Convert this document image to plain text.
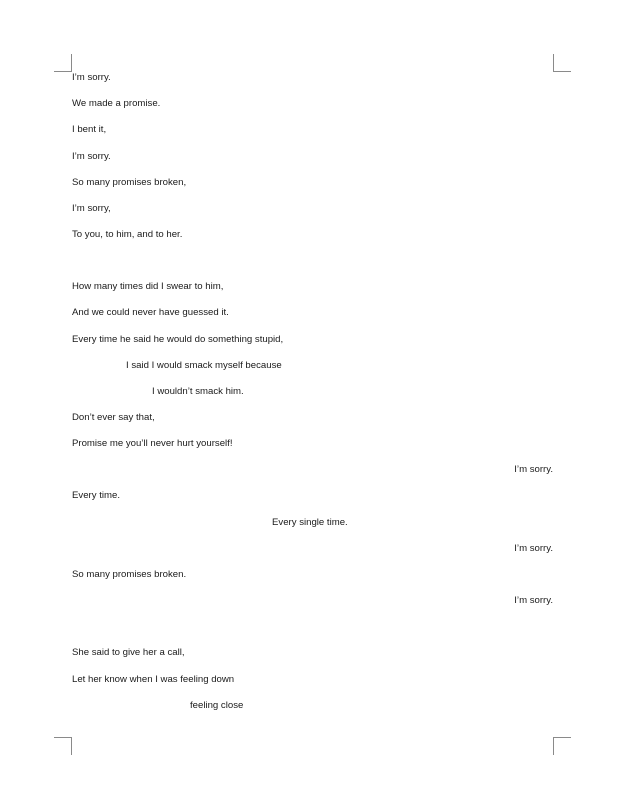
I’m sorry.
We made a promise.
I bent it,
I’m sorry.
So many promises broken,
I’m sorry,
To you, to him, and to her.
How many times did I swear to him,
And we could never have guessed it.
Every time he said he would do something stupid,
I said I would smack myself because
I wouldn’t smack him.
Don’t ever say that,
Promise me you’ll never hurt yourself!
I’m sorry.
Every time.
Every single time.
I’m sorry.
So many promises broken.
I’m sorry.
She said to give her a call,
Let her know when I was feeling down
feeling close
